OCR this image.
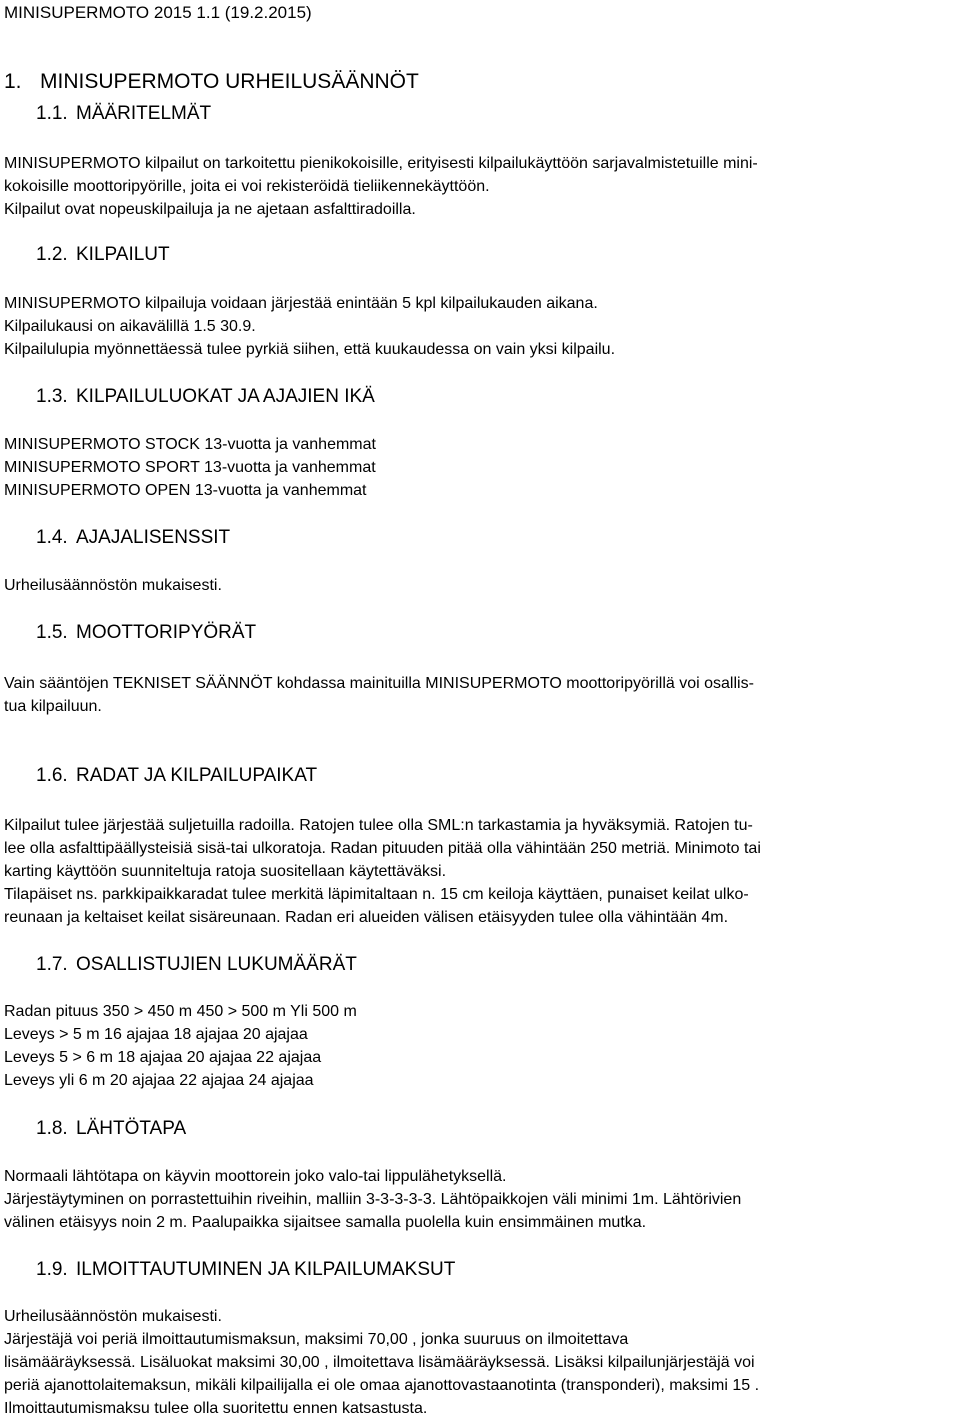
MINISUPERMOTO 2015 1.1 (19.2.2015)
1. MINISUPERMOTO URHEILUSÄÄNNÖT
1.1. MÄÄRITELMÄT
MINISUPERMOTO kilpailut on tarkoitettu pienikokoisille, erityisesti kilpailukäyttöön sarjavalmistetuille mini-
kokoisille moottoripyörille, joita ei voi rekisteröidä tieliikennekäyttöön.
Kilpailut ovat nopeuskilpailuja ja ne ajetaan asfalttiradoilla.
1.2. KILPAILUT
MINISUPERMOTO kilpailuja voidaan järjestää enintään 5 kpl kilpailukauden aikana.
Kilpailukausi on aikavälillä 1.5 30.9.
Kilpailulupia myönnettäessä tulee pyrkiä siihen, että kuukaudessa on vain yksi kilpailu.
1.3. KILPAILULUOKAT JA AJAJIEN IKÄ
MINISUPERMOTO STOCK 13-vuotta ja vanhemmat
MINISUPERMOTO SPORT 13-vuotta ja vanhemmat
MINISUPERMOTO OPEN 13-vuotta ja vanhemmat
1.4. AJAJALISENSSIT
Urheilusäännöstön mukaisesti.
1.5. MOOTTORIPYÖRÄT
Vain sääntöjen TEKNISET SÄÄNNÖT kohdassa mainituilla MINISUPERMOTO moottoripyörillä voi osallis-
tua kilpailuun.
1.6. RADAT JA KILPAILUPAIKAT
Kilpailut tulee järjestää suljetuilla radoilla. Ratojen tulee olla SML:n tarkastamia ja hyväksymiä. Ratojen tu-
lee olla asfalttipäällysteisiä sisä-tai ulkoratoja. Radan pituuden pitää olla vähintään 250 metriä. Minimoto tai
karting käyttöön suunniteltuja ratoja suositellaan käytettäväksi.
Tilapäiset ns. parkkipaikkaradat tulee merkitä läpimitaltaan n. 15 cm keiloja käyttäen, punaiset keilat ulko-
reunaan ja keltaiset keilat sisäreunaan. Radan eri alueiden välisen etäisyyden tulee olla vähintään 4m.
1.7. OSALLISTUJIEN LUKUMÄÄRÄT
Radan pituus 350 > 450 m 450 > 500 m Yli 500 m
Leveys > 5 m 16 ajajaa 18 ajajaa 20 ajajaa
Leveys 5 > 6 m 18 ajajaa 20 ajajaa 22 ajajaa
Leveys yli 6 m 20 ajajaa 22 ajajaa 24 ajajaa
1.8. LÄHTÖTAPA
Normaali lähtötapa on käyvin moottorein joko valo-tai lippulähetyksellä.
Järjestäytyminen on porrastettuihin riveihin, malliin 3-3-3-3-3. Lähtöpaikkojen väli minimi 1m. Lähtörivien
välinen etäisyys noin 2 m. Paalupaikka sijaitsee samalla puolella kuin ensimmäinen mutka.
1.9. ILMOITTAUTUMINEN JA KILPAILUMAKSUT
Urheilusäännöstön mukaisesti.
Järjestäjä voi periä ilmoittautumismaksun, maksimi 70,00 , jonka suuruus on ilmoitettava
lisämääräyksessä. Lisäluokat maksimi 30,00 , ilmoitettava lisämääräyksessä. Lisäksi kilpailunjärjestäjä voi
periä ajanottolaitemaksun, mikäli kilpailijalla ei ole omaa ajanottovastaanotinta (transponderi), maksimi 15 .
Ilmoittautumismaksu tulee olla suoritettu ennen katsastusta.
